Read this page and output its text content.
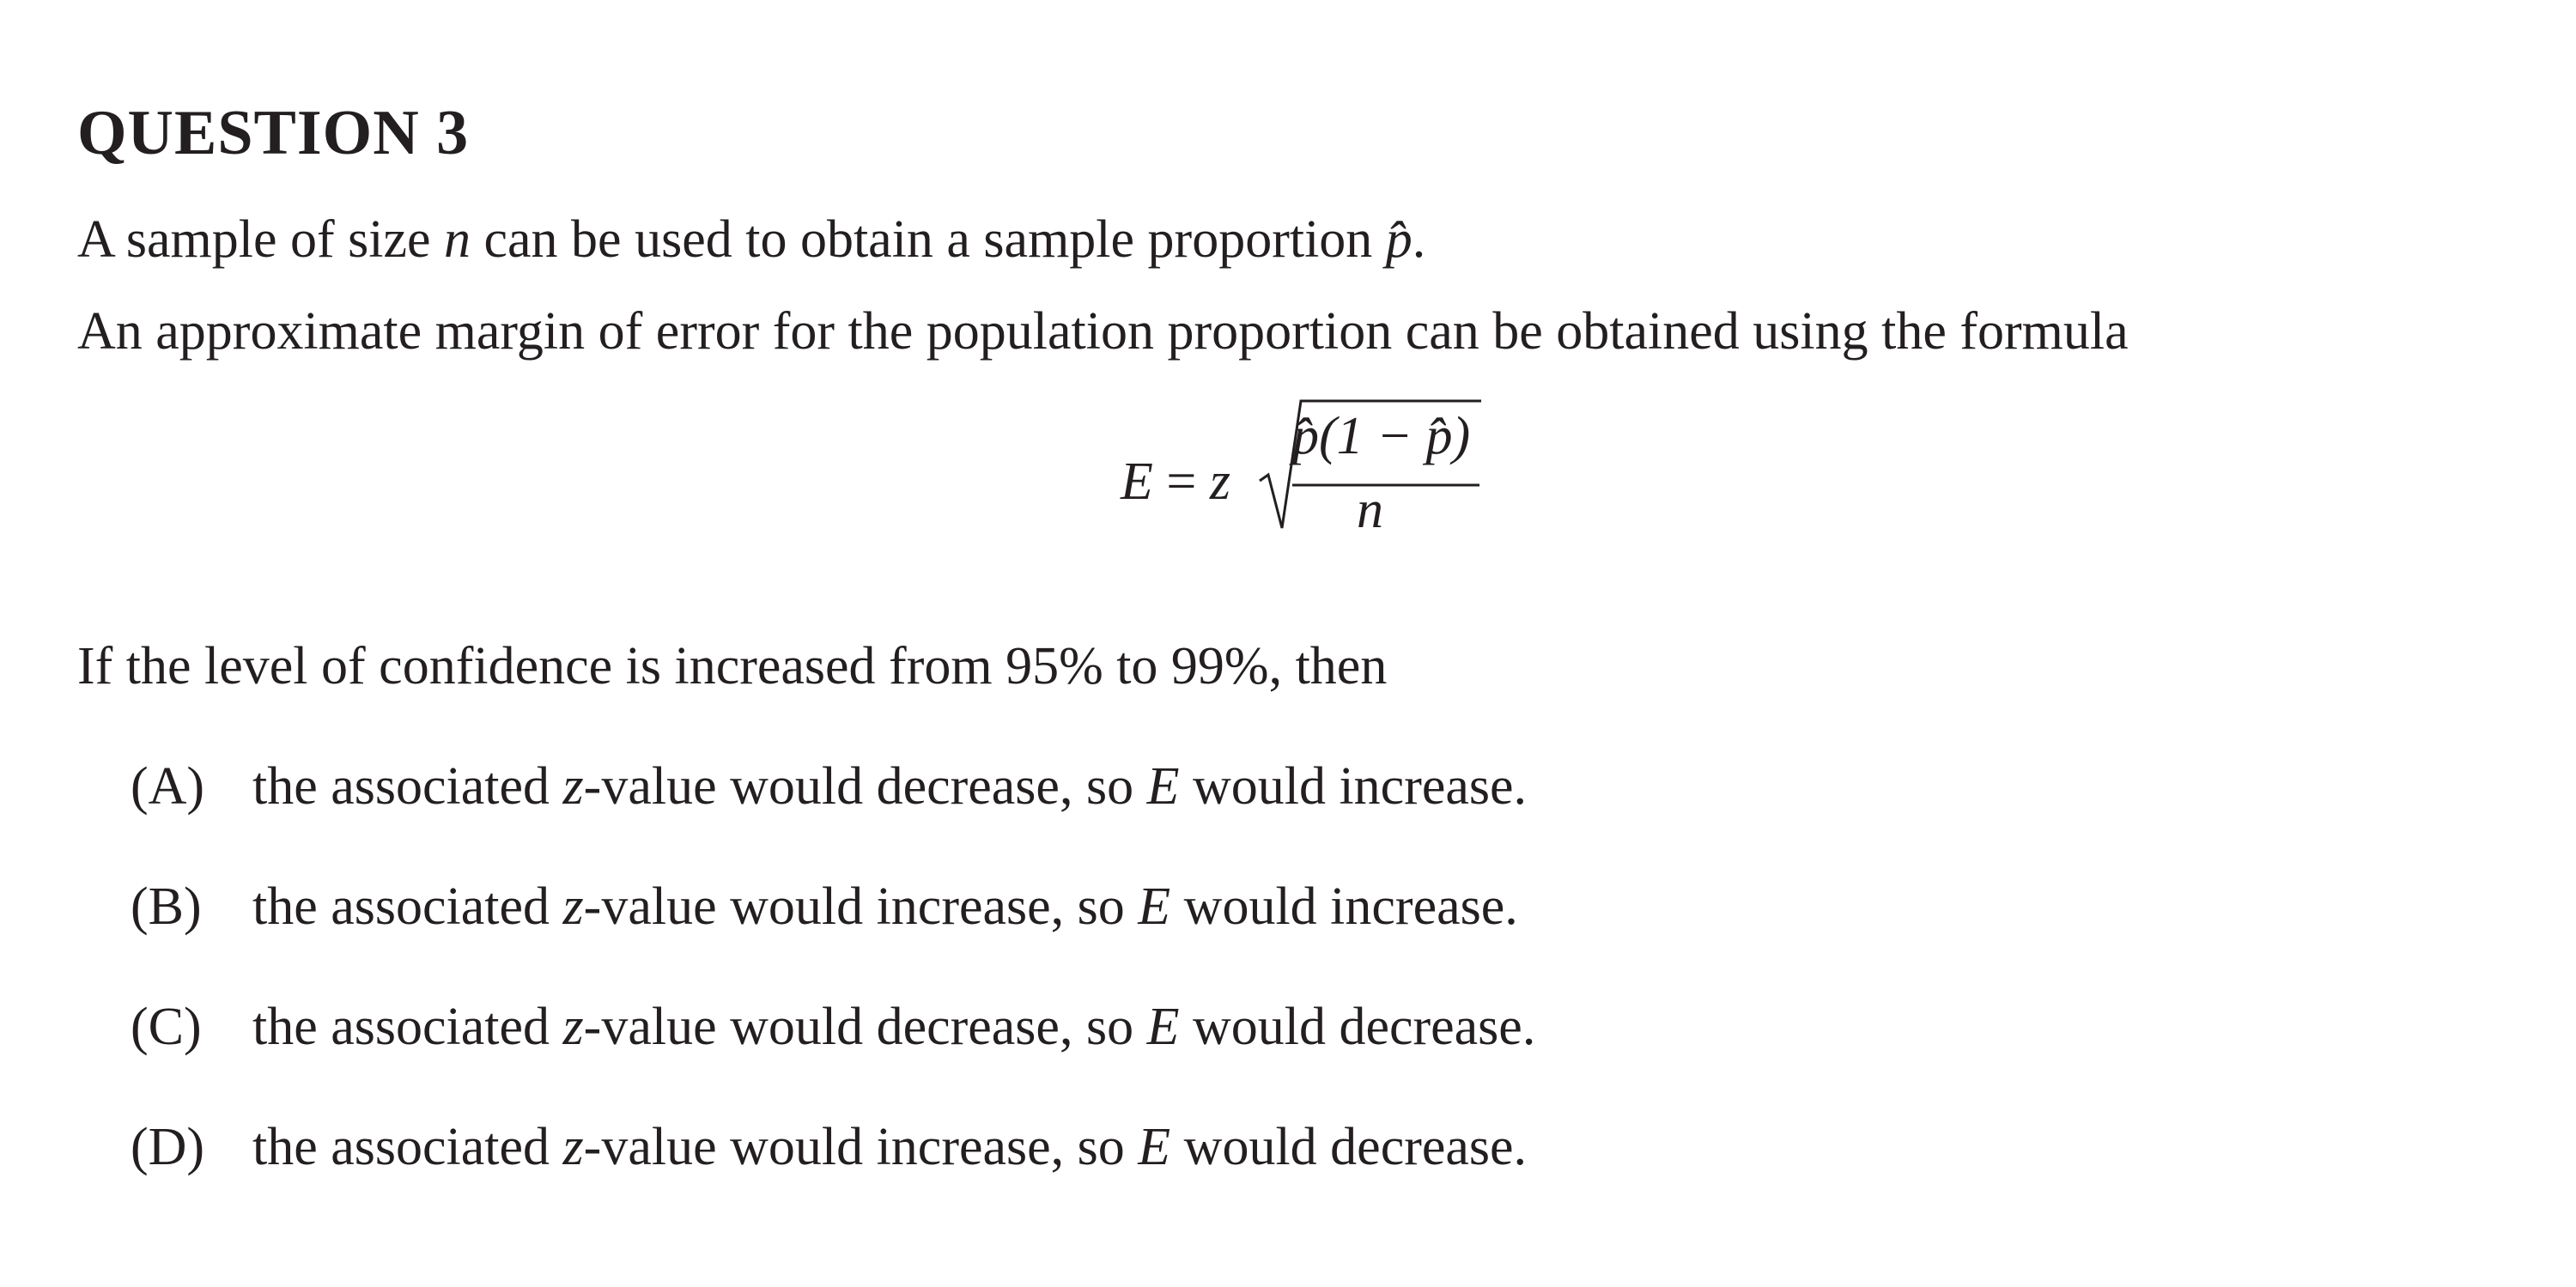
QUESTION 3
A sample of size n can be used to obtain a sample proportion p̂.
An approximate margin of error for the population proportion can be obtained using the formula
E = z
p̂(1 − p̂)
n
If the level of confidence is increased from 95% to 99%, then
(A) the associated z-value would decrease, so E would increase.
(B) the associated z-value would increase, so E would increase.
(C) the associated z-value would decrease, so E would decrease.
(D) the associated z-value would increase, so E would decrease.
